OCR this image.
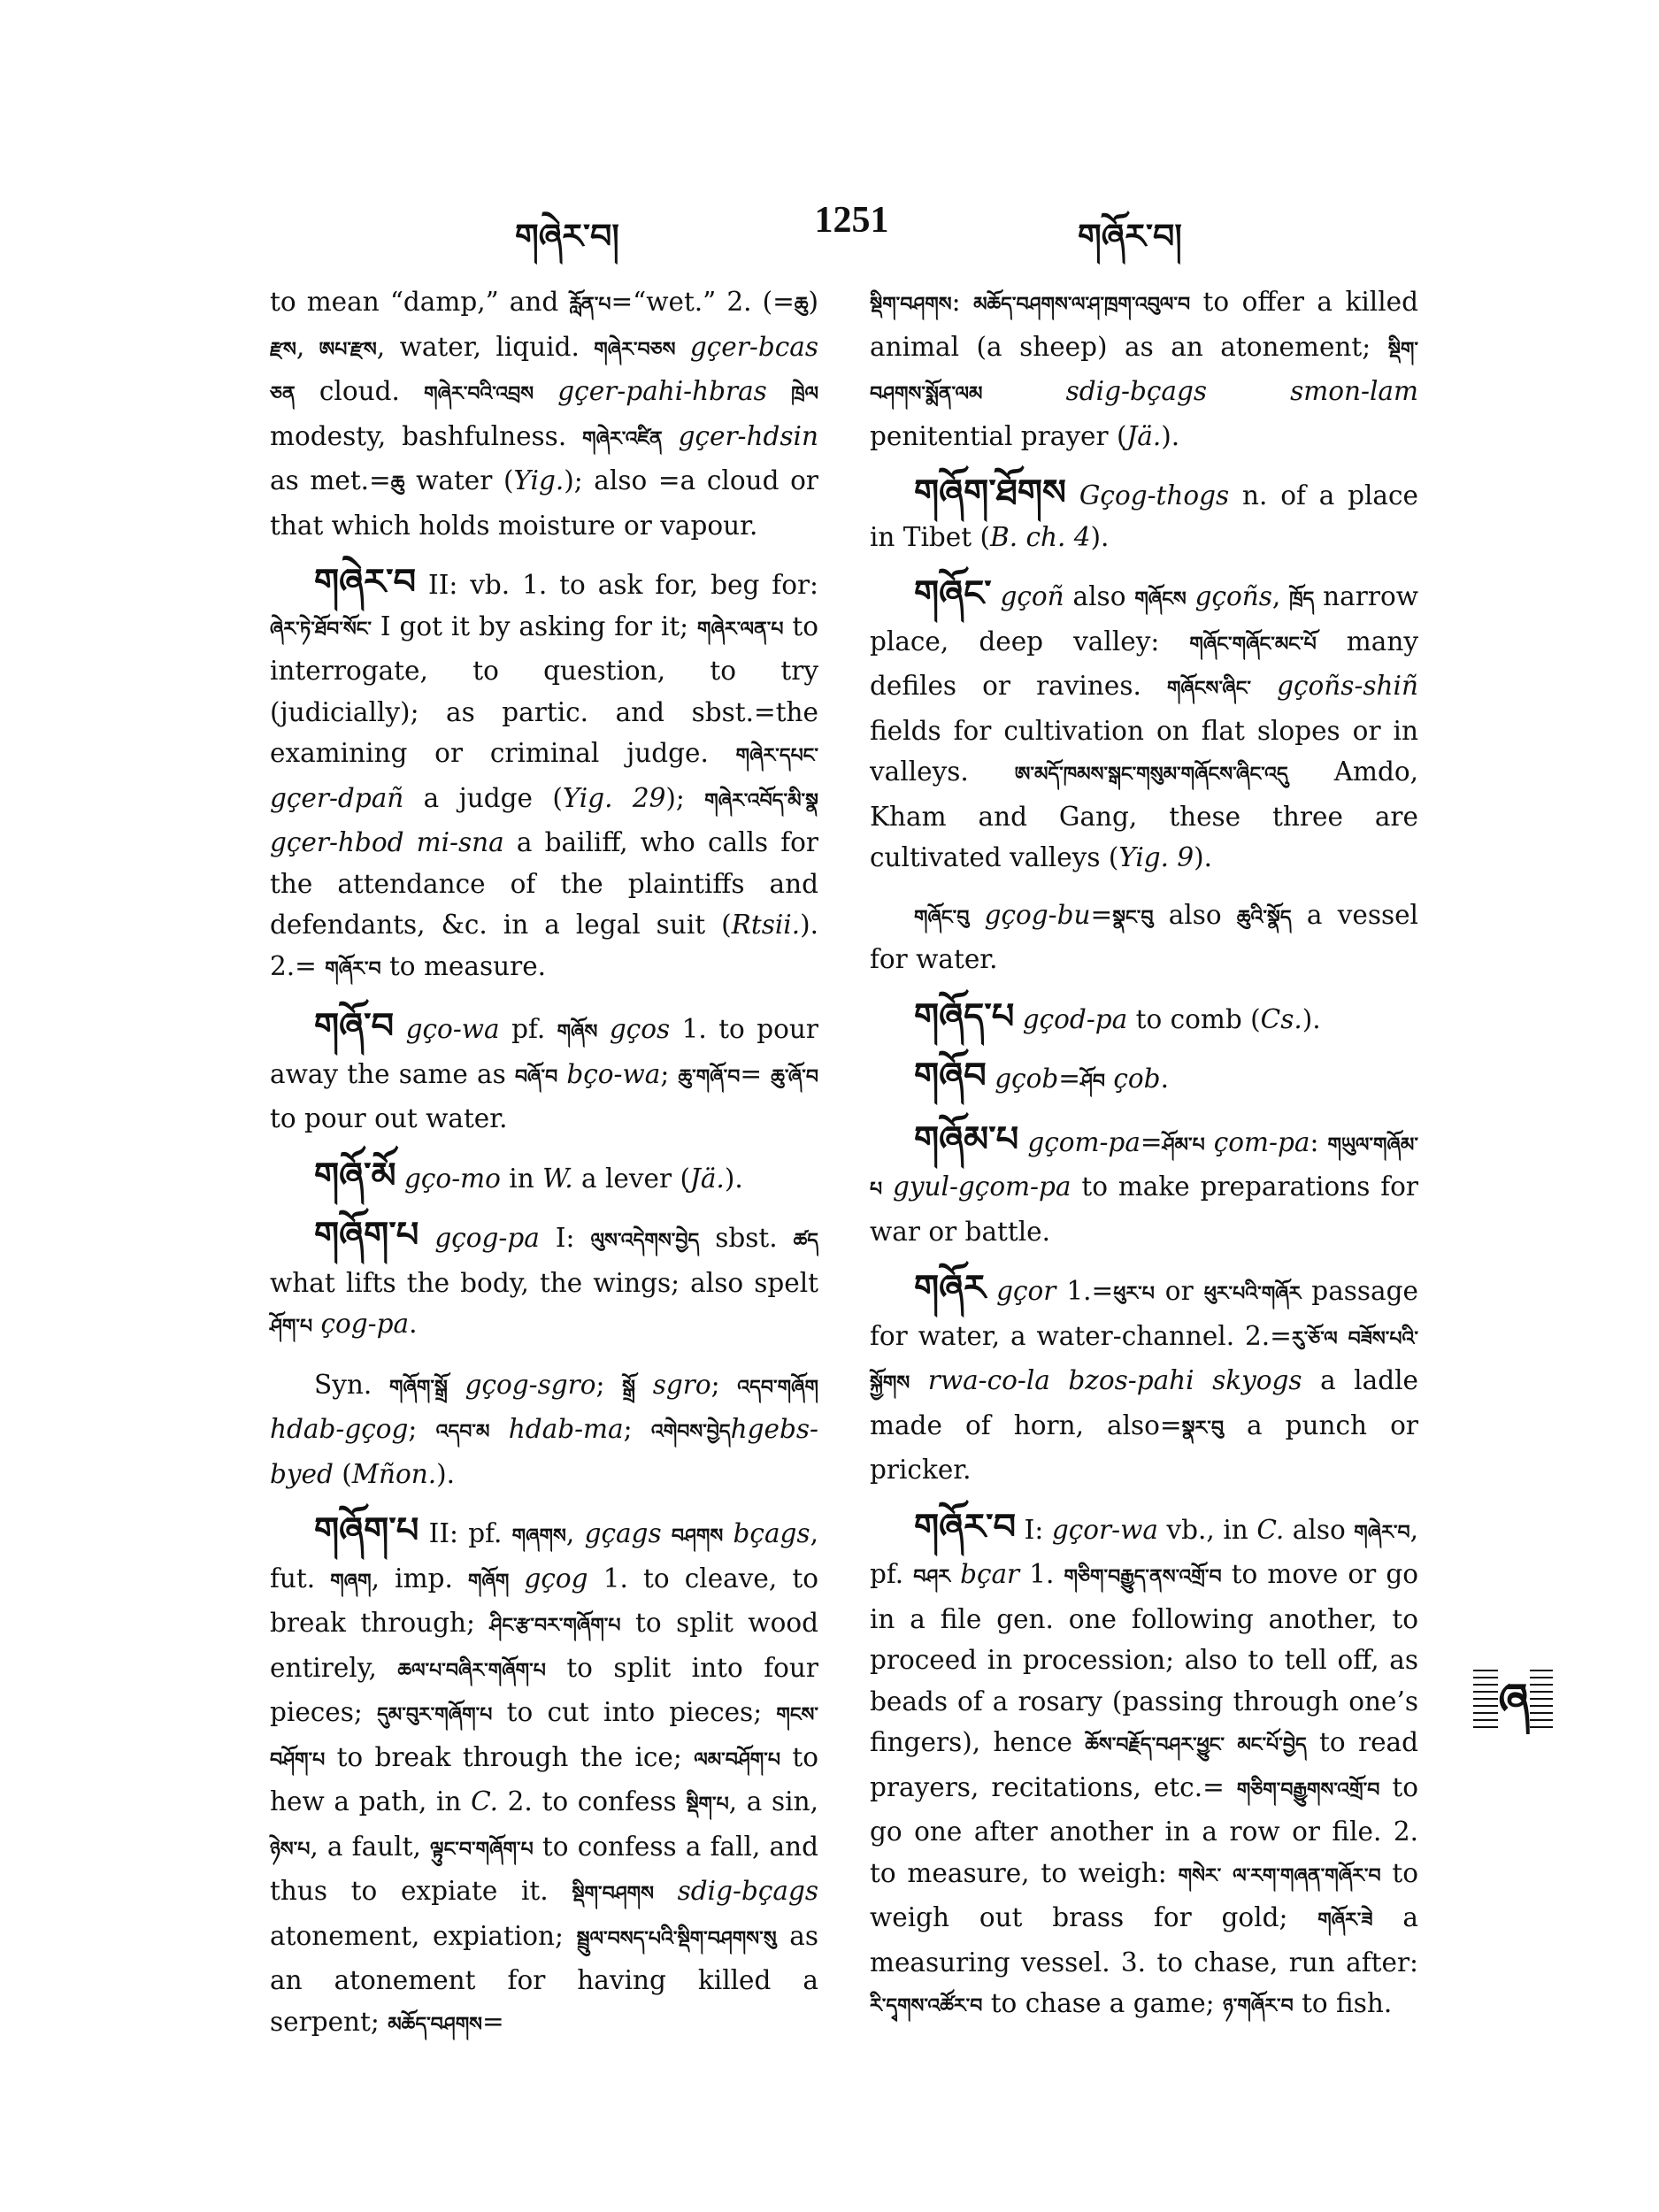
གཞེར་བ།	1251	གཞོར་བ།

to mean “damp,” and རློན་པ=“wet.” 2. (=ཆུ) རྫས, ཨཔ་རྫས, water, liquid. གཞེར་བཅས gçer-bcas ཅན cloud. གཞེར་བའི་འབྲས gçer-pahi-hbras ཁྲེལ modesty, bashfulness. གཞེར་འཛིན gçer-hdsin as met.=ཆུ water (Yig.); also =a cloud or that which holds moisture or vapour.

གཞེར་བ II: vb. 1. to ask for, beg for: ཞེར་ཏེ་ཐོབ་སོང་ I got it by asking for it; གཞེར་ལན་པ to interrogate, to question, to try (judicially); as partic. and sbst.=the examining or criminal judge. གཞེར་དཔང་ gçer-dpañ a judge (Yig. 29); གཞེར་འབོད་མི་སྣ gçer-hbod mi-sna a bailiff, who calls for the attendance of the plaintiffs and defendants, &c. in a legal suit (Rtsii.). 2.= གཞོར་བ to measure.

གཞོ་བ gço-wa pf. གཞོས gços 1. to pour away the same as བཞོ་བ bço-wa; ཆུ་གཞོ་བ= ཆུ་ཞོ་བ to pour out water.

གཞོ་མོ gço-mo in W. a lever (Jä.).

གཞོག་པ gçog-pa I: ལུས་འདེགས་བྱེད sbst. ཚད what lifts the body, the wings; also spelt ཤོག་པ çog-pa.

Syn. གཞོག་སྒྲོ gçog-sgro; སྒྲོ sgro; འདབ་གཞོག hdab-gçog; འདབ་མ hdab-ma; འགེབས་བྱེདhgebs-byed (Mñon.).

གཞོག་པ II: pf. གཞགས, gçags བཤགས bçags, fut. གཞག, imp. གཞོག gçog 1. to cleave, to break through; ཤིང་རྩ་བར་གཞོག་པ to split wood entirely, ཆལ་པ་བཞིར་གཞོག་པ to split into four pieces; དུམ་བུར་གཞོག་པ to cut into pieces; གངས་བཤོག་པ to break through the ice; ལམ་བཤོག་པ to hew a path, in C. 2. to confess སྡིག་པ, a sin, ཉེས་པ, a fault, ལྟུང་བ་གཞོག་པ to confess a fall, and thus to expiate it. སྡིག་བཤགས sdig-bçags atonement, expiation; སྦྲུལ་བསད་པའི་སྡིག་བཤགས་སུ as an atonement for having killed a serpent; མཆོད་བཤགས=

སྡིག་བཤགས: མཆོད་བཤགས་ལ་ཤ་ཁྲག་འབུལ་བ to offer a killed animal (a sheep) as an atonement; སྡིག་བཤགས་སྨོན་ལམ	sdig-bçags smon-lam penitential prayer (Jä.).

གཞོག་ཐོགས Gçog-thogs n. of a place in Tibet (B. ch. 4).

གཞོང་ gçoñ also གཞོངས gçoñs, ཁྲོད narrow place, deep valley: གཞོང་གཞོང་མང་པོ many defiles or ravines. གཞོངས་ཞིང་ gçoñs-shiñ fields for cultivation on flat slopes or in valleys. ཨ་མདོ་ཁམས་སྒང་གསུམ་གཞོངས་ཞིང་འདུ Amdo, Kham and Gang, these three are cultivated valleys (Yig. 9).

གཞོང་བུ gçog-bu=སྣང་བུ also ཆུའི་སྣོད a vessel for water.

གཞོད་པ gçod-pa to comb (Cs.).

གཞོབ gçob=ཤོབ çob.

གཞོམ་པ gçom-pa=ཤོམ་པ çom-pa: གཡུལ་གཞོམ་པ gyul-gçom-pa to make preparations for war or battle.

གཞོར gçor 1.=ཕུར་པ or ཕུར་པའི་གཞོར passage for water, a water-channel. 2.=རུ་ཅོ་ལ བཟོས་པའི་སྐྱོགས rwa-co-la bzos-pahi skyogs a ladle made of horn, also=སྣར་བུ a punch or pricker.

གཞོར་བ I: gçor-wa vb., in C. also གཞེར་བ, pf. བཤར bçar 1. གཅིག་བརྒྱུད་ནས་འགྲོ་བ to move or go in a file gen. one following another, to proceed in procession; also to tell off, as beads of a rosary (passing through one’s fingers), hence ཆོས་བརྗོད་བཤར་ཕྱུང་ མང་པོ་བྱེད to read prayers, recitations, etc.= གཅིག་བརྒྱུགས་འགྲོ་བ to go one after another in a row or file. 2. to measure, to weigh: གསེར་ ལ་རག་གཞན་གཞོར་བ to weigh out brass for gold; གཞོར་ཟེ a measuring vessel. 3. to chase, run after: རི་དྭགས་འཚོར་བ to chase a game; ཉ་གཞོར་བ to fish.

ཞ
